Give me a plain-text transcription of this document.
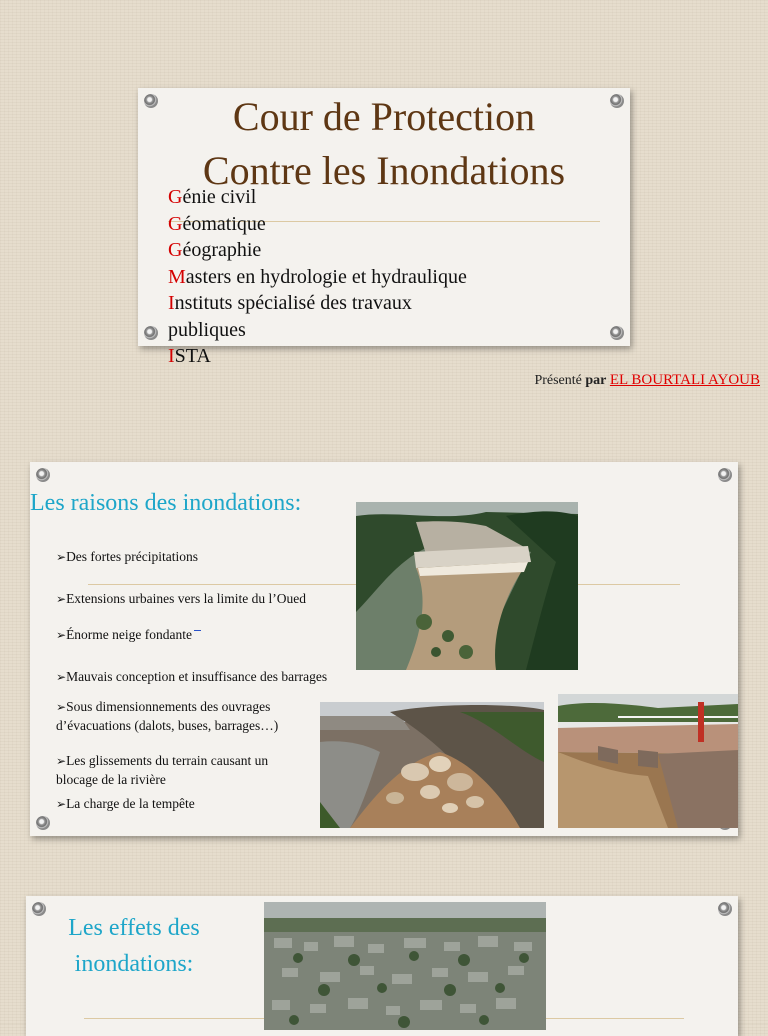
Cour de Protection
Contre les Inondations
Génie civil
Géomatique
Géographie
Masters en hydrologie et hydraulique
Instituts spécialisé des travaux
publiques
ISTA
Présenté par EL BOURTALI AYOUB
Les raisons des inondations:
➢Des fortes précipitations
➢Extensions urbaines vers la limite du l’Oued
➢Énorme neige fondante
➢Mauvais conception et insuffisance des barrages
➢Sous dimensionnements des ouvrages
d’évacuations (dalots, buses, barrages…)
➢Les glissements du terrain causant un
blocage de la rivière
➢La charge de la tempête
Les effets des
inondations:
